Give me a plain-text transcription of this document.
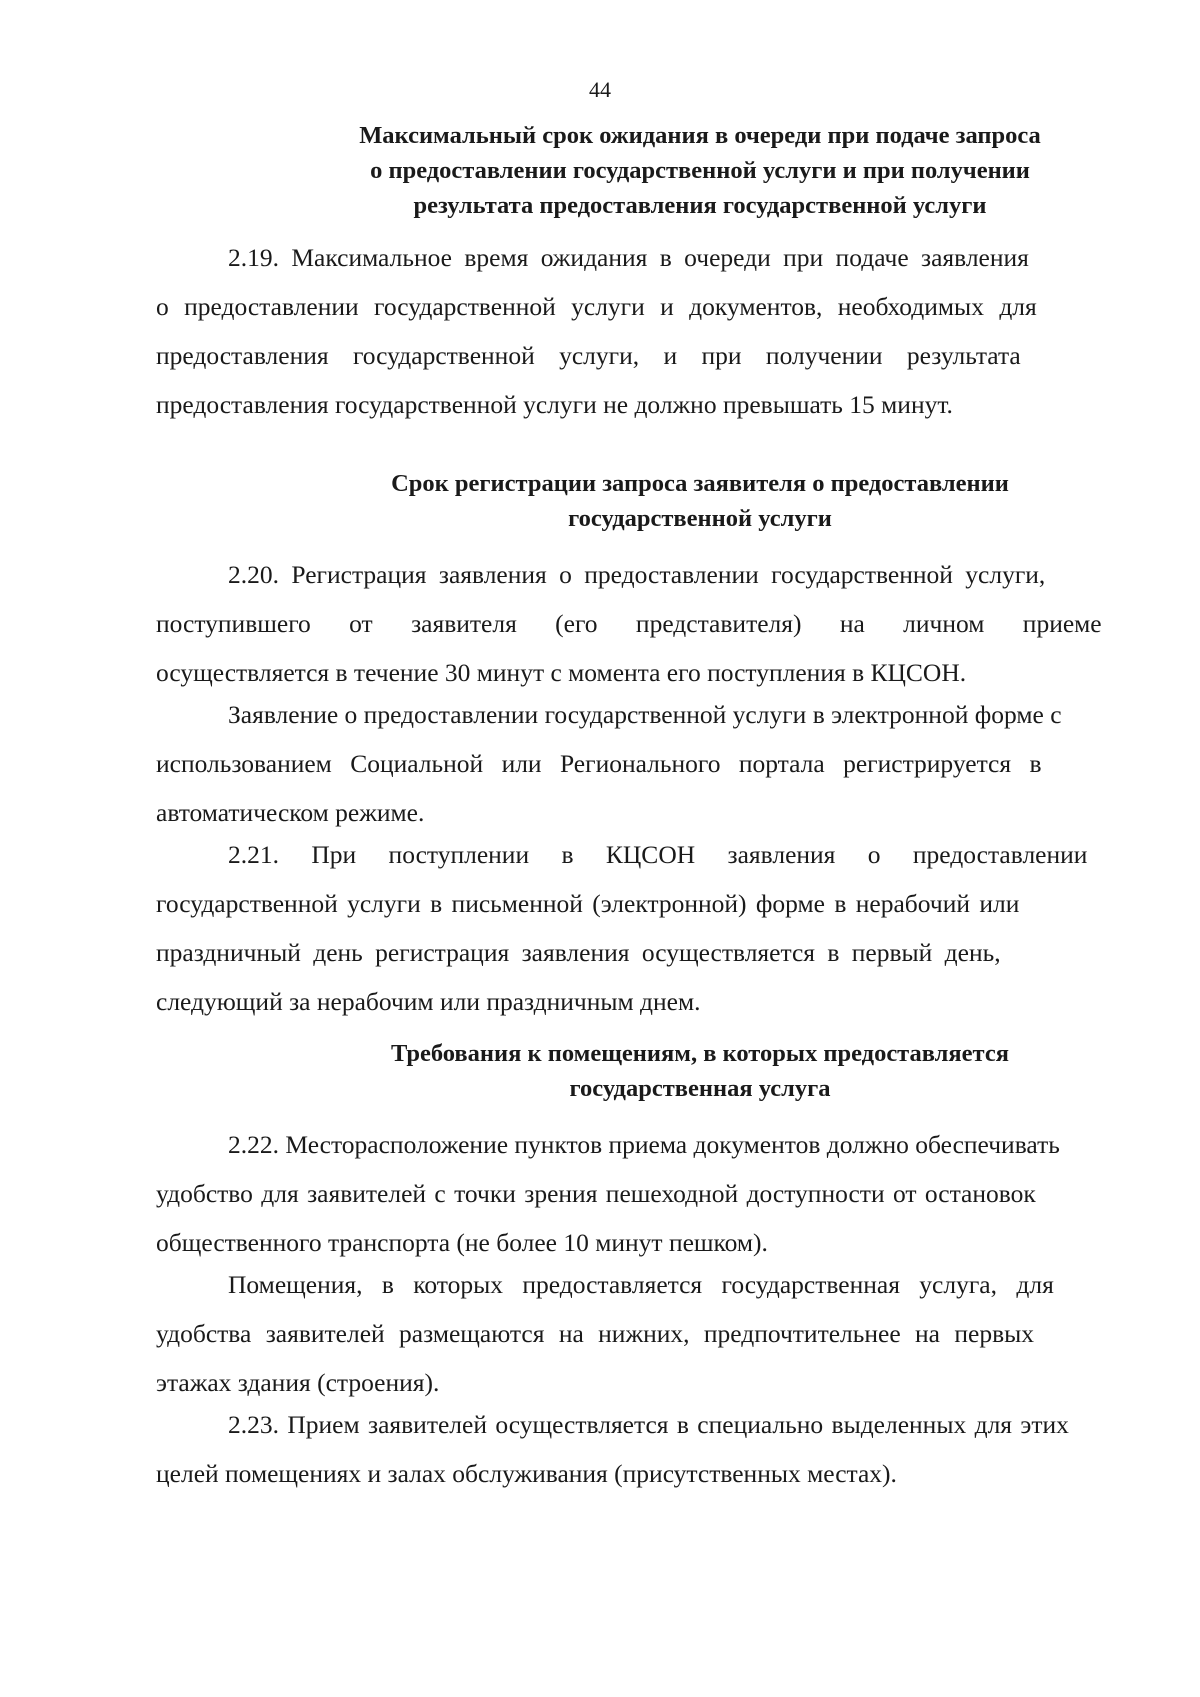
44
Максимальный срок ожидания в очереди при подаче запроса
о предоставлении государственной услуги и при получении
результата предоставления государственной услуги
2.19. Максимальное время ожидания в очереди при подаче заявления
о предоставлении государственной услуги и документов, необходимых для
предоставления государственной услуги, и при получении результата
предоставления государственной услуги не должно превышать 15 минут.
Срок регистрации запроса заявителя о предоставлении
государственной услуги
2.20. Регистрация заявления о предоставлении государственной услуги,
поступившего от заявителя (его представителя) на личном приеме
осуществляется в течение 30 минут с момента его поступления в КЦСОН.
Заявление о предоставлении государственной услуги в электронной форме с
использованием Социальной или Регионального портала регистрируется в
автоматическом режиме.
2.21. При поступлении в КЦСОН заявления о предоставлении
государственной услуги в письменной (электронной) форме в нерабочий или
праздничный день регистрация заявления осуществляется в первый день,
следующий за нерабочим или праздничным днем.
Требования к помещениям, в которых предоставляется
государственная услуга
2.22. Месторасположение пунктов приема документов должно обеспечивать
удобство для заявителей с точки зрения пешеходной доступности от остановок
общественного транспорта (не более 10 минут пешком).
Помещения, в которых предоставляется государственная услуга, для
удобства заявителей размещаются на нижних, предпочтительнее на первых
этажах здания (строения).
2.23. Прием заявителей осуществляется в специально выделенных для этих
целей помещениях и залах обслуживания (присутственных местах).
